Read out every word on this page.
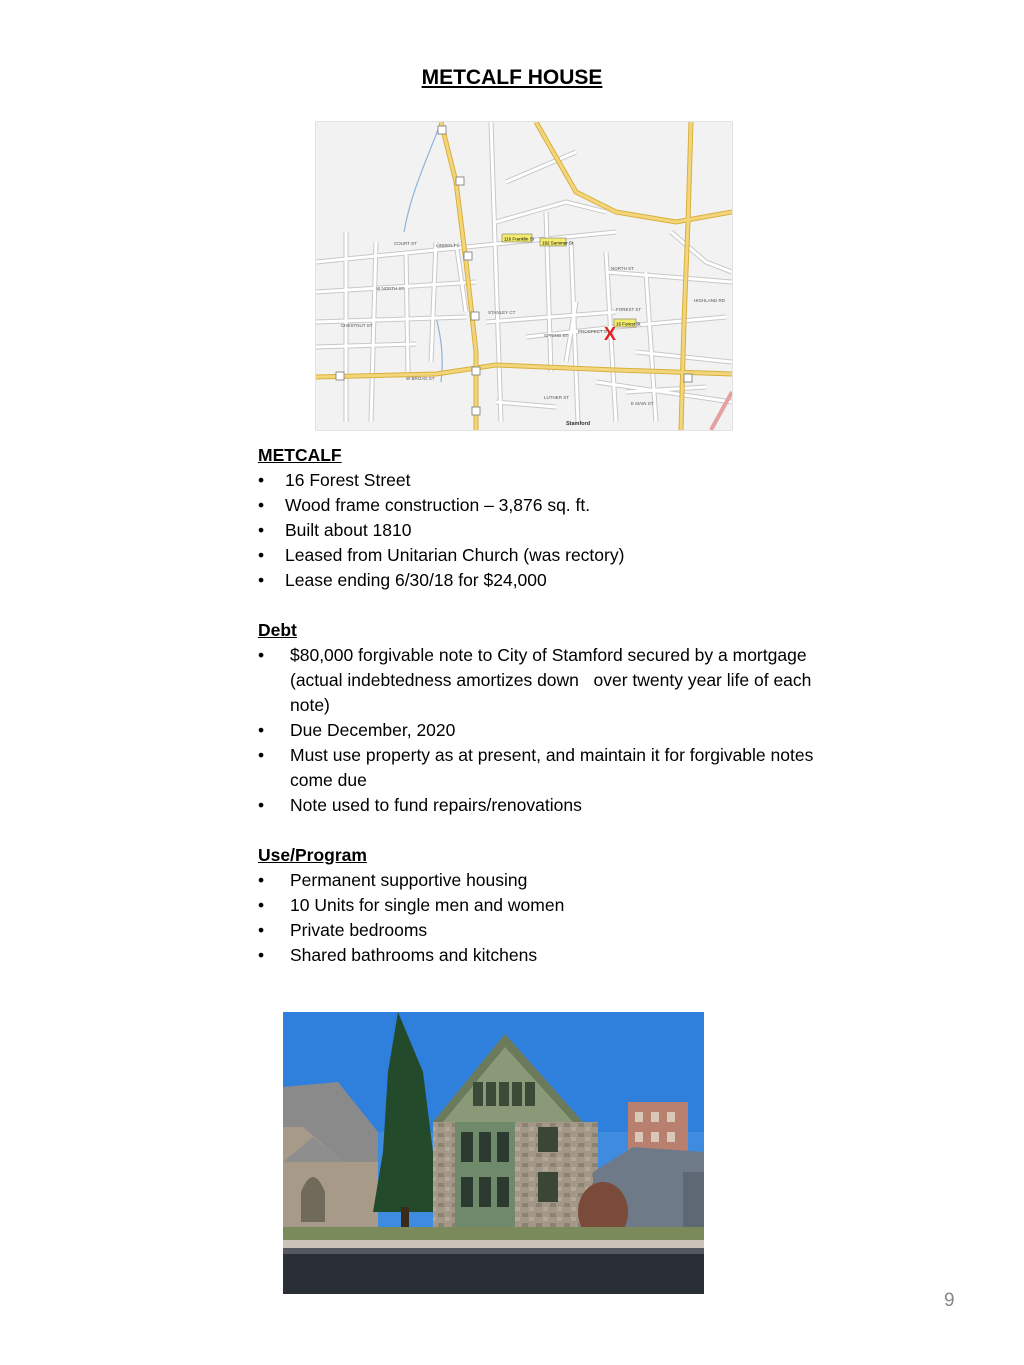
METCALF HOUSE
116 Franklin St
192 Summer St
16 Forest St
Stamford
LUTHER ST
FOREST ST
NORTH ST
STANLEY CT
CHESTNUT ST
W BROAD ST
SPRING ST
PROSPECT ST
E MAIN ST
HIGHLAND RD
COURT ST	LINDEN PL
W NORTH ST
X
METCALF
• 16 Forest Street
• Wood frame construction – 3,876 sq. ft.
• Built about 1810
• Leased from Unitarian Church (was rectory)
• Lease ending 6/30/18 for $24,000
Debt
• $80,000 forgivable note to City of Stamford secured by a mortgage (actual indebtedness amortizes down   over twenty year life of each note)
• Due December, 2020
• Must use property as at present, and maintain it for forgivable notes come due
• Note used to fund repairs/renovations
Use/Program
• Permanent supportive housing
• 10 Units for single men and women
• Private bedrooms
• Shared bathrooms and kitchens
9
